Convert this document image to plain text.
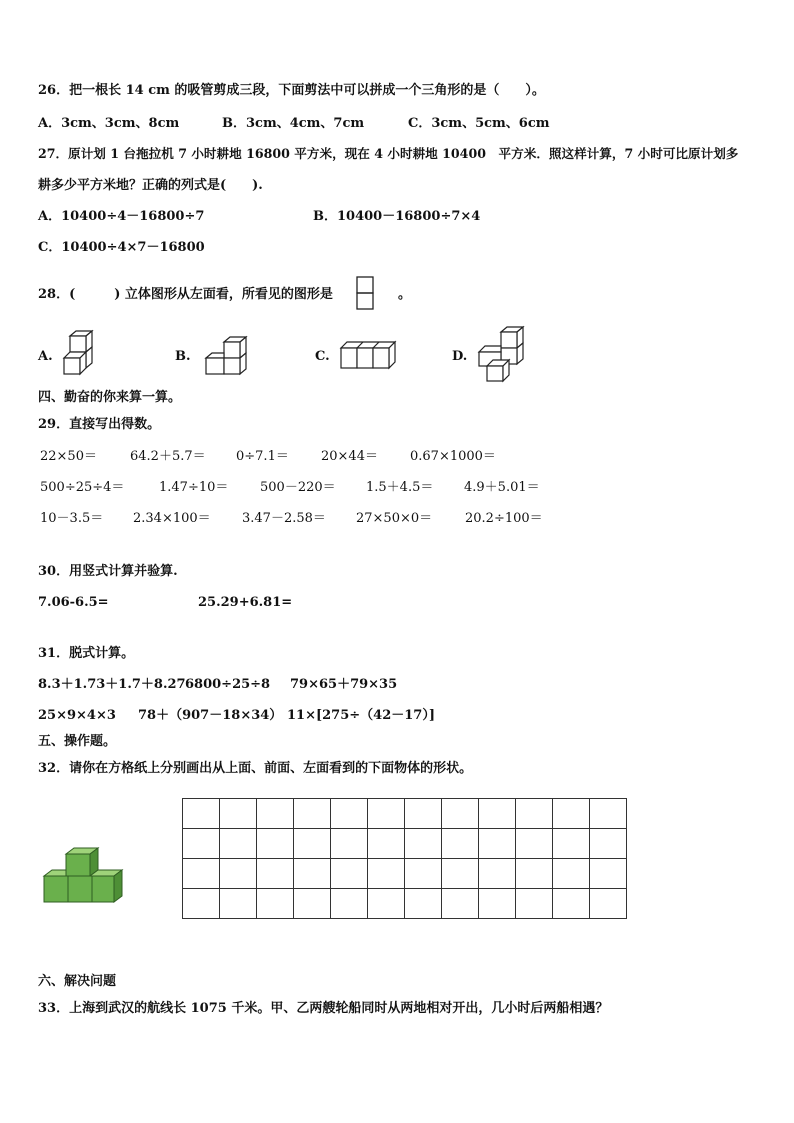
26．把一根长 14 cm 的吸管剪成三段，下面剪法中可以拼成一个三角形的是（　　）。
A．3cm、3cm、8cm	B．3cm、4cm、7cm	C．3cm、5cm、6cm
27．原计划 1 台拖拉机 7 小时耕地 16800 平方米，现在 4 小时耕地 10400　平方米．照这样计算，7 小时可比原计划多
耕多少平方米地？正确的列式是(　　).
A．10400÷4－16800÷7	B．10400－16800÷7×4
C．10400÷4×7－16800
28．(　　　) 立体图形从左面看，所看见的图形是	。
A.	B.	C.	D.
四、勤奋的你来算一算。
29．直接写出得数。
22×50＝	64.2＋5.7＝ 0÷7.1＝ 20×44＝ 0.67×1000＝
500÷25÷4＝	1.47÷10＝ 500－220＝ 1.5＋4.5＝ 4.9＋5.01＝
10－3.5＝ 2.34×100＝ 3.47－2.58＝ 27×50×0＝	20.2÷100＝
30．用竖式计算并验算.
7.06-6.5=	25.29+6.81=
31．脱式计算。
8.3＋1.73＋1.7＋8.27 6800÷25÷8 79×65＋79×35
25×9×4×3 78＋（907－18×34） 11×[275÷（42－17）]
五、操作题。
32．请你在方格纸上分别画出从上面、前面、左面看到的下面物体的形状。

六、解决问题
33．上海到武汉的航线长 1075 千米。甲、乙两艘轮船同时从两地相对开出，几小时后两船相遇？
